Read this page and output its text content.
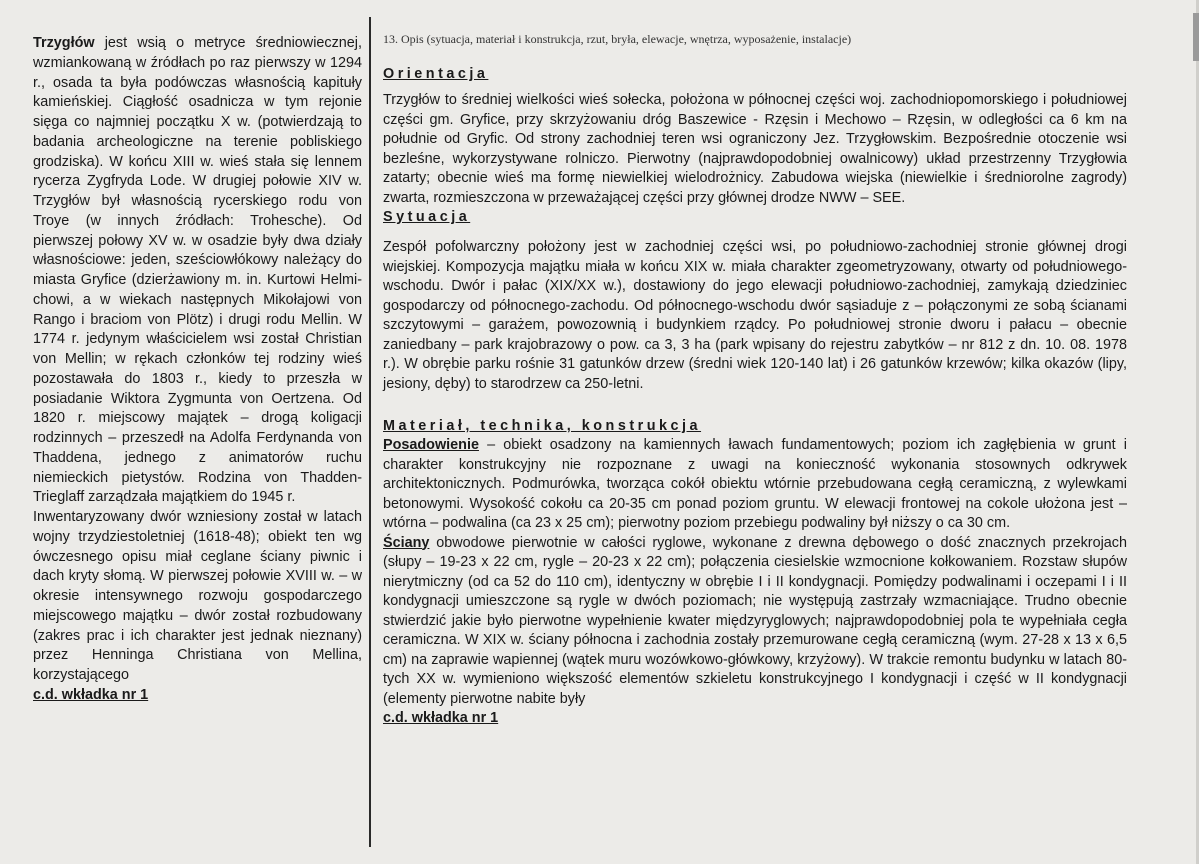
Trzygłów jest wsią o metryce średniowiecznej, wzmiankowaną w źródłach po raz pierwszy w 1294 r., osada ta była podówczas własnością kapituły kamieńskiej. Ciągłość osadnicza w tym rejonie sięga co najmniej początku X w. (potwierdzają to badania archeologiczne na terenie pobliskiego grodziska). W końcu XIII w. wieś stała się lennem rycerza Zygfryda Lode. W drugiej połowie XIV w. Trzygłów był własnością rycerskiego rodu von Troye (w innych źródłach: Trohesche). Od pierwszej połowy XV w. w osadzie były dwa działy własnościowe: jeden, sześciowłókowy należący do miasta Gryfice (dzierżawiony m. in. Kurtowi Helmichowi, a w wiekach następnych Mikołajowi von Rango i braciom von Plötz) i drugi rodu Mellin. W 1774 r. jedynym właścicielem wsi został Christian von Mellin; w rękach członków tej rodziny wieś pozostawała do 1803 r., kiedy to przeszła w posiadanie Wiktora Zygmunta von Oertzena. Od 1820 r. miejscowy majątek – drogą koligacji rodzinnych – przeszedł na Adolfa Ferdynanda von Thaddena, jednego z animatorów ruchu niemieckich pietystów. Rodzina von Thadden-Trieglaff zarządzała majątkiem do 1945 r.

Inwentaryzowany dwór wzniesiony został w latach wojny trzydziestoletniej (1618-48); obiekt ten wg ówczesnego opisu miał ceglane ściany piwnic i dach kryty słomą. W pierwszej połowie XVIII w. – w okresie intensywnego rozwoju gospodarczego miejscowego majątku – dwór został rozbudowany (zakres prac i ich charakter jest jednak nieznany) przez Henninga Christiana von Mellina, korzystającego

c.d. wkładka nr 1
13. Opis (sytuacja, materiał i konstrukcja, rzut, bryła, elewacje, wnętrza, wyposażenie, instalacje)
Orientacja

Trzygłów to średniej wielkości wieś sołecka, położona w północnej części woj. zachodniopomorskiego i południowej części gm. Gryfice, przy skrzyżowaniu dróg Baszewice - Rzęsin i Mechowo – Rzęsin, w odległości ca 6 km na południe od Gryfic. Od strony zachodniej teren wsi ograniczony Jez. Trzygłowskim. Bezpośrednie otoczenie wsi bezleśne, wykorzystywane rolniczo. Pierwotny (najprawdopodobniej owalnicowy) układ przestrzenny Trzygłowia zatarty; obecnie wieś ma formę niewielkiej wielodrożnicy. Zabudowa wiejska (niewielkie i średniorolne zagrody) zwarta, rozmieszczona w przeważającej części przy głównej drodze NWW – SEE.

Sytuacja

Zespół pofolwarczny położony jest w zachodniej części wsi, po południowo-zachodniej stronie głównej drogi wiejskiej. Kompozycja majątku miała w końcu XIX w. miała charakter zgeometryzowany, otwarty od południowego-wschodu. Dwór i pałac (XIX/XX w.), dostawiony do jego elewacji południowo-zachodniej, zamykają dziedziniec gospodarczy od północnego-zachodu. Od północnego-wschodu dwór sąsiaduje z – połączonymi ze sobą ścianami szczytowymi – garażem, powozownią i budynkiem rządcy. Po południowej stronie dworu i pałacu – obecnie zaniedbany – park krajobrazowy o pow. ca 3, 3 ha (park wpisany do rejestru zabytków – nr 812 z dn. 10. 08. 1978 r.). W obrębie parku rośnie 31 gatunków drzew (średni wiek 120-140 lat) i 26 gatunków krzewów; kilka okazów (lipy, jesiony, dęby) to starodrzew ca 250-letni.

Materiał, technika, konstrukcja

Posadowienie – obiekt osadzony na kamiennych ławach fundamentowych; poziom ich zagłębienia w grunt i charakter konstrukcyjny nie rozpoznane z uwagi na konieczność wykonania stosownych odkrywek architektonicznych. Podmurówka, tworząca cokół obiektu wtórnie przebudowana cegłą ceramiczną, z wylewkami betonowymi. Wysokość cokołu ca 20-35 cm ponad poziom gruntu. W elewacji frontowej na cokole ułożona jest – wtórna – podwalina (ca 23 x 25 cm); pierwotny poziom przebiegu podwaliny był niższy o ca 30 cm.

Ściany obwodowe pierwotnie w całości ryglowe, wykonane z drewna dębowego o dość znacznych przekrojach (słupy – 19-23 x 22 cm, rygle – 20-23 x 22 cm); połączenia ciesielskie wzmocnione kołkowaniem. Rozstaw słupów nierytmiczny (od ca 52 do 110 cm), identyczny w obrębie I i II kondygnacji. Pomiędzy podwalinami i oczepami I i II kondygnacji umieszczone są rygle w dwóch poziomach; nie występują zastrzały wzmacniające. Trudno obecnie stwierdzić jakie było pierwotne wypełnienie kwater międzyryglowych; najprawdopodobniej pola te wypełniała cegła ceramiczna. W XIX w. ściany północna i zachodnia zostały przemurowane cegłą ceramiczną (wym. 27-28 x 13 x 6,5 cm) na zaprawie wapiennej (wątek muru wozówkowo-główkowy, krzyżowy). W trakcie remontu budynku w latach 80-tych XX w. wymieniono większość elementów szkieletu konstrukcyjnego I kondygnacji i część w II kondygnacji (elementy pierwotne nabite były

c.d. wkładka nr 1
